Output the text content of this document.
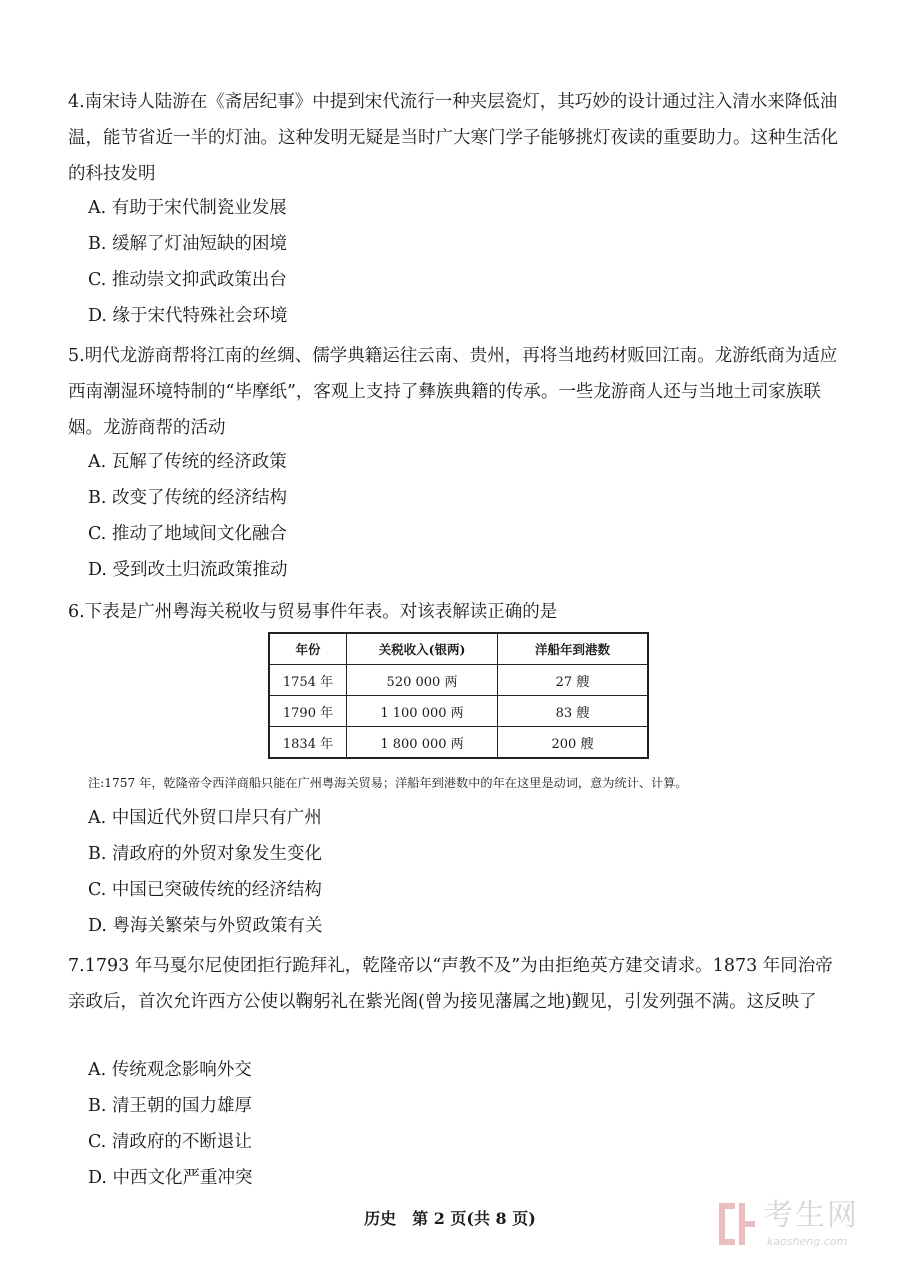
4.南宋诗人陆游在《斋居纪事》中提到宋代流行一种夹层瓷灯，其巧妙的设计通过注入清水来降低油温，能节省近一半的灯油。这种发明无疑是当时广大寒门学子能够挑灯夜读的重要助力。这种生活化的科技发明

A. 有助于宋代制瓷业发展

B. 缓解了灯油短缺的困境

C. 推动崇文抑武政策出台

D. 缘于宋代特殊社会环境

5.明代龙游商帮将江南的丝绸、儒学典籍运往云南、贵州，再将当地药材贩回江南。龙游纸商为适应西南潮湿环境特制的“毕摩纸”，客观上支持了彝族典籍的传承。一些龙游商人还与当地土司家族联姻。龙游商帮的活动

A. 瓦解了传统的经济政策

B. 改变了传统的经济结构

C. 推动了地域间文化融合

D. 受到改土归流政策推动

6.下表是广州粤海关税收与贸易事件年表。对该表解读正确的是

年份	关税收入(银两)	洋船年到港数
1754 年	520 000 两	27 艘
1790 年	1 100 000 两	83 艘
1834 年	1 800 000 两	200 艘

注:1757 年，乾隆帝令西洋商船只能在广州粤海关贸易；洋船年到港数中的年在这里是动词，意为统计、计算。

A. 中国近代外贸口岸只有广州

B. 清政府的外贸对象发生变化

C. 中国已突破传统的经济结构

D. 粤海关繁荣与外贸政策有关

7.1793 年马戛尔尼使团拒行跪拜礼，乾隆帝以“声教不及”为由拒绝英方建交请求。1873 年同治帝亲政后，首次允许西方公使以鞠躬礼在紫光阁(曾为接见藩属之地)觐见，引发列强不满。这反映了

A. 传统观念影响外交

B. 清王朝的国力雄厚

C. 清政府的不断退让

D. 中西文化严重冲突

历史　第 2 页(共 8 页)	考生网
kaosheng.com
